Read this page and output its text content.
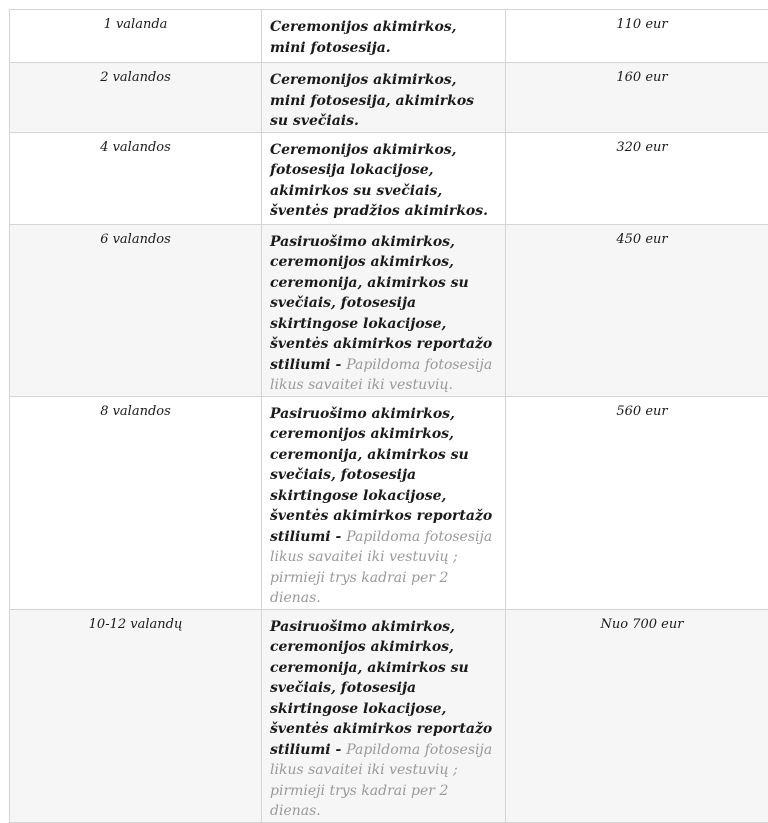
1 valanda	Ceremonijos akimirkos, mini fotosesija.	110 eur
2 valandos	Ceremonijos akimirkos, mini fotosesija, akimirkos su svečiais.	160 eur
4 valandos	Ceremonijos akimirkos, fotosesija lokacijose, akimirkos su svečiais, šventės pradžios akimirkos.	320 eur
6 valandos	Pasiruošimo akimirkos, ceremonijos akimirkos, ceremonija, akimirkos su svečiais, fotosesija skirtingose lokacijose, šventės akimirkos reportažo stiliumi - Papildoma fotosesija likus savaitei iki vestuvių.	450 eur
8 valandos	Pasiruošimo akimirkos, ceremonijos akimirkos, ceremonija, akimirkos su svečiais, fotosesija skirtingose lokacijose, šventės akimirkos reportažo stiliumi - Papildoma fotosesija likus savaitei iki vestuvių ; pirmieji trys kadrai per 2 dienas.	560 eur
10-12 valandų	Pasiruošimo akimirkos, ceremonijos akimirkos, ceremonija, akimirkos su svečiais, fotosesija skirtingose lokacijose, šventės akimirkos reportažo stiliumi - Papildoma fotosesija likus savaitei iki vestuvių ; pirmieji trys kadrai per 2 dienas.	Nuo 700 eur
